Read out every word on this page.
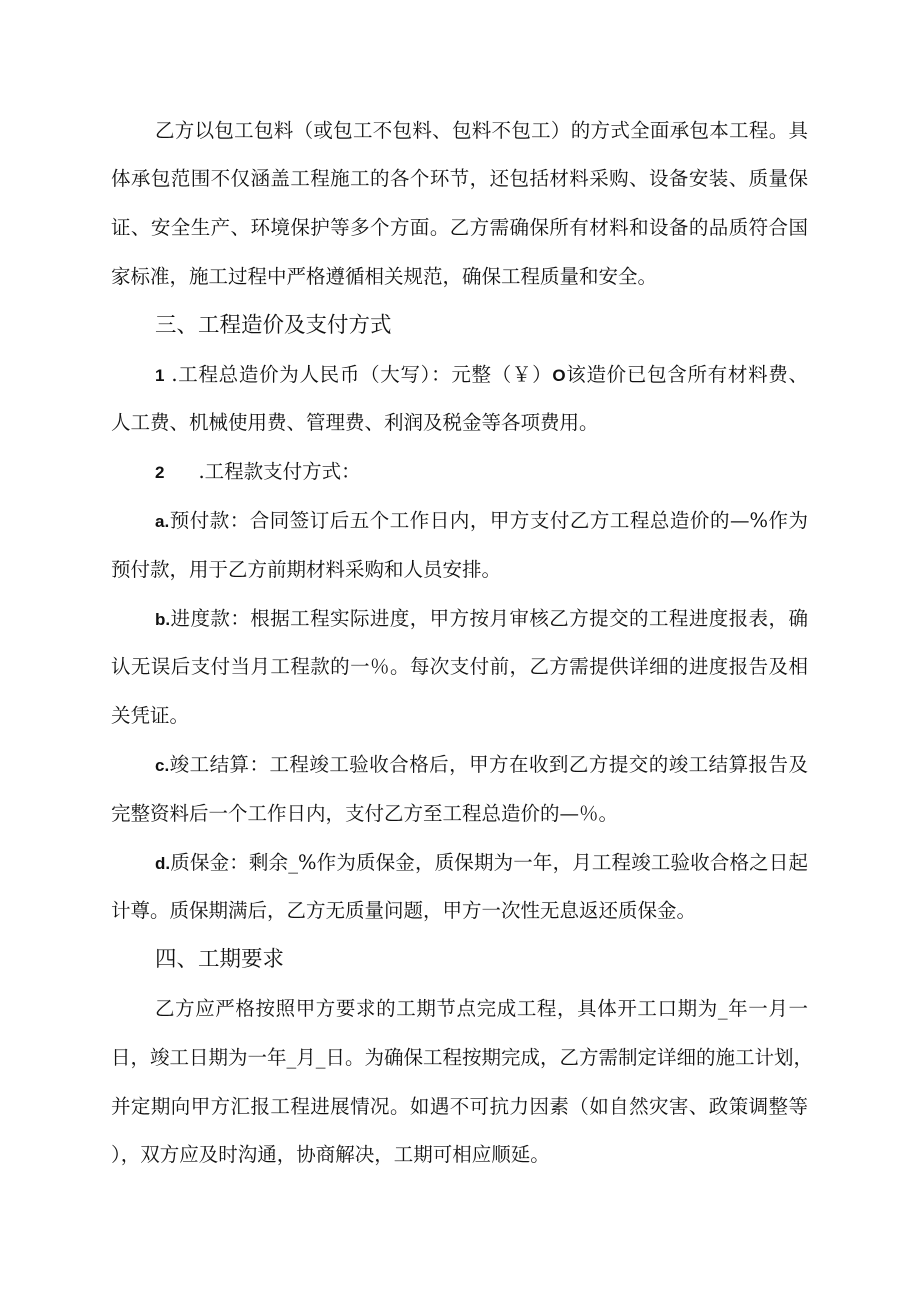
乙方以包工包料（或包工不包料、包料不包工）的方式全面承包本工程。具
体承包范围不仅涵盖工程施工的各个环节，还包括材料采购、设备安装、质量保
证、安全生产、环境保护等多个方面。乙方需确保所有材料和设备的品质符合国
家标准，施工过程中严格遵循相关规范，确保工程质量和安全。
三、工程造价及支付方式
1 .工程总造价为人民币（大写）：元整（￥）O该造价已包含所有材料费、
人工费、机械使用费、管理费、利润及税金等各项费用。
2 .工程款支付方式：
a.预付款：合同签订后五个工作日内，甲方支付乙方工程总造价的—%作为
预付款，用于乙方前期材料采购和人员安排。
b.进度款：根据工程实际进度，甲方按月审核乙方提交的工程进度报表，确
认无误后支付当月工程款的一％。每次支付前，乙方需提供详细的进度报告及相
关凭证。
c.竣工结算：工程竣工验收合格后，甲方在收到乙方提交的竣工结算报告及
完整资料后一个工作日内，支付乙方至工程总造价的—％。
d.质保金：剩余_%作为质保金，质保期为一年，月工程竣工验收合格之日起
计尊。质保期满后，乙方无质量问题，甲方一次性无息返还质保金。
四、工期要求
乙方应严格按照甲方要求的工期节点完成工程，具体开工口期为_年一月一
日，竣工日期为一年_月_日。为确保工程按期完成，乙方需制定详细的施工计划，
并定期向甲方汇报工程进展情况。如遇不可抗力因素（如自然灾害、政策调整等
），双方应及时沟通，协商解决，工期可相应顺延。
